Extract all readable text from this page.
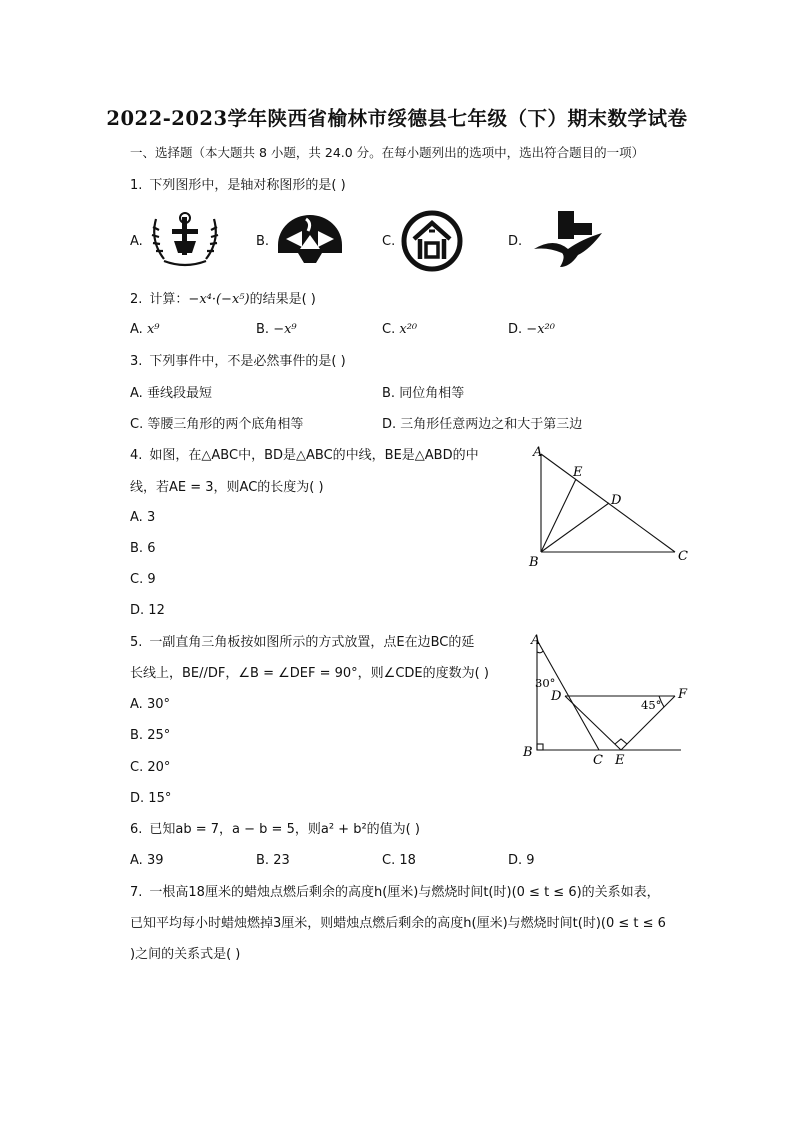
2022-2023学年陕西省榆林市绥德县七年级（下）期末数学试卷
一、选择题（本大题共 8 小题，共 24.0 分。在每小题列出的选项中，选出符合题目的一项）
1. 下列图形中，是轴对称图形的是( )
A.	B.	C.	D.
2. 计算：−x⁴·(−x⁵)的结果是( )
A. x⁹	B. −x⁹	C. x²⁰	D. −x²⁰
3. 下列事件中，不是必然事件的是( )
A. 垂线段最短	B. 同位角相等
C. 等腰三角形的两个底角相等	D. 三角形任意两边之和大于第三边
4. 如图，在△ABC中，BD是△ABC的中线，BE是△ABD的中
线，若AE = 3，则AC的长度为( )
A. 3
B. 6
C. 9
D. 12
A
B	C
D
E
5. 一副直角三角板按如图所示的方式放置，点E在边BC的延
长线上，BE//DF，∠B = ∠DEF = 90°，则∠CDE的度数为( )
A. 30°
B. 25°
C. 20°
D. 15°
A
B
C
D
E
F
30°
45°
6. 已知ab = 7，a − b = 5，则a² + b²的值为( )
A. 39	B. 23	C. 18	D. 9
7. 一根高18厘米的蜡烛点燃后剩余的高度h(厘米)与燃烧时间t(时)(0 ≤ t ≤ 6)的关系如表，
已知平均每小时蜡烛燃掉3厘米，则蜡烛点燃后剩余的高度h(厘米)与燃烧时间t(时)(0 ≤ t ≤ 6
)之间的关系式是( )
